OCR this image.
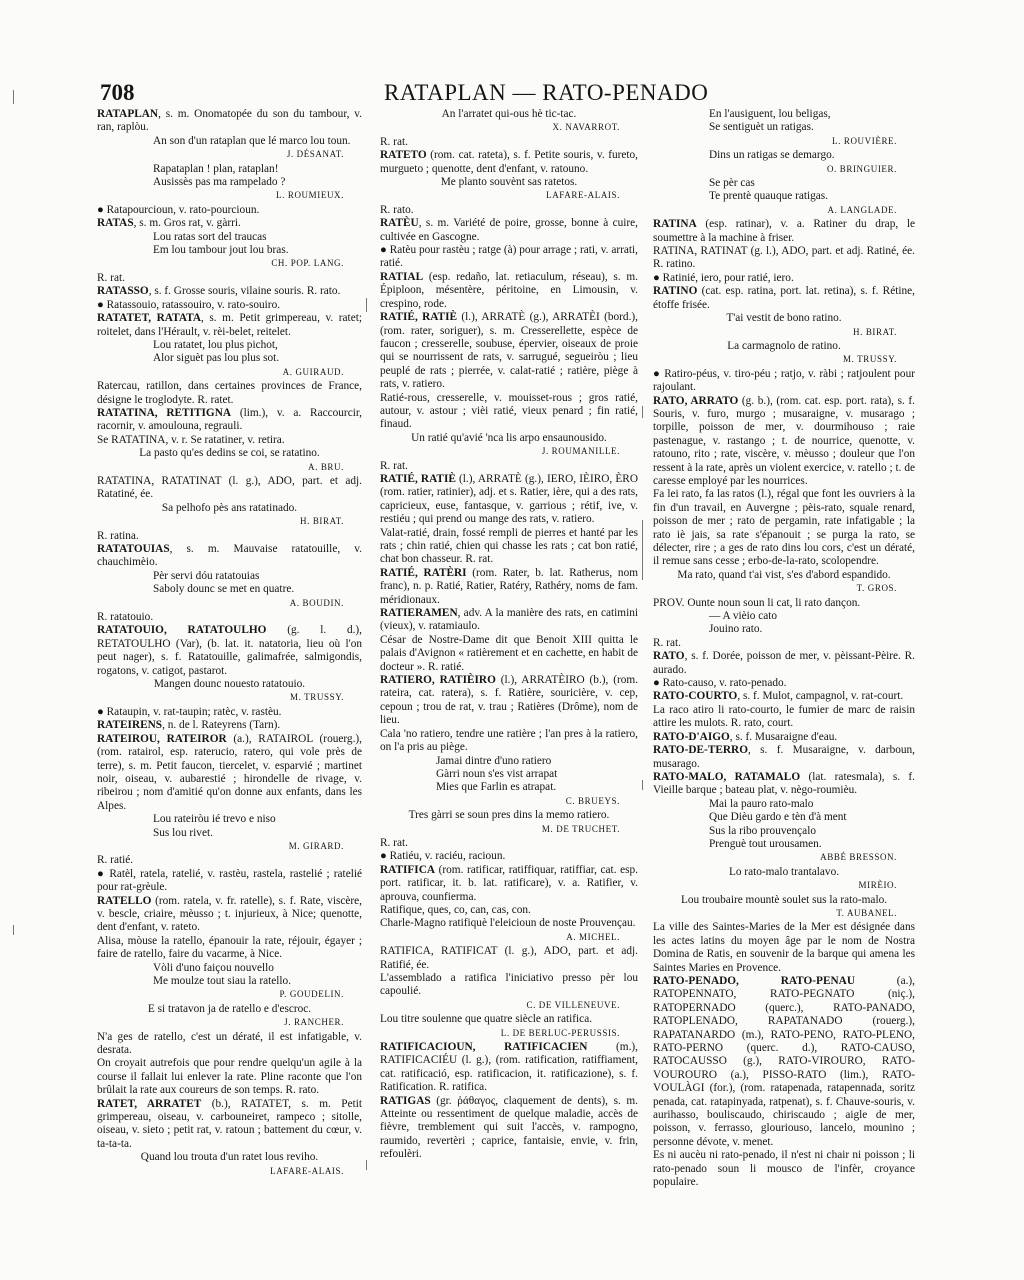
708	RATAPLAN — RATO-PENADO

RATAPLAN, s. m. Onomatopée du son du tambour, v. ran, raplòu.

An son d'un rataplan que lé marco lou toun.

J. DÉSANAT.

Rapataplan ! plan, rataplan!

Ausissès pas ma rampelado ?

L. ROUMIEUX.

● Ratapourcioun, v. rato-pourcioun.

RATAS, s. m. Gros rat, v. gàrri.

Lou ratas sort del traucas

Em lou tambour jout lou bras.

CH. POP. LANG.

R. rat.

RATASSO, s. f. Grosse souris, vilaine souris. R. rato.

● Ratassouio, ratassouiro, v. rato-souiro.

RATATET, RATATA, s. m. Petit grimpereau, v. ratet; roitelet, dans l'Hérault, v. rèi-belet, reitelet.

Lou ratatet, lou plus pichot,

Alor siguèt pas lou plus sot.

A. GUIRAUD.

Ratercau, ratillon, dans certaines provinces de France, désigne le troglodyte. R. ratet.

RATATINA, RETITIGNA (lim.), v. a. Raccourcir, racornir, v. amoulouna, regrauli.

Se RATATINA, v. r. Se ratatiner, v. retira.

La pasto qu'es dedins se coi, se ratatino.

A. BRU.

RATATINA, RATATINAT (l. g.), ADO, part. et adj. Ratatiné, ée.

Sa pelhofo pès ans ratatinado.

H. BIRAT.

R. ratina.

RATATOUIAS, s. m. Mauvaise ratatouille, v. chauchimèio.

Pèr servi dóu ratatouias

Saboly dounc se met en quatre.

A. BOUDIN.

R. ratatouio.

RATATOUIO, RATATOULHO (g. l. d.), RETATOULHO (Var), (b. lat. it. natatoria, lieu où l'on peut nager), s. f. Ratatouille, galimafrée, salmigondis, rogatons, v. catigot, pastarot.

Mangen dounc nouesto ratatouio.

M. TRUSSY.

● Rataupin, v. rat-taupin; ratèc, v. rastèu.

RATEIRENS, n. de l. Rateyrens (Tarn).

RATEIROU, RATEIROR (a.), RATAIROL (rouerg.), (rom. ratairol, esp. raterucio, ratero, qui vole près de terre), s. m. Petit faucon, tiercelet, v. esparvié ; martinet noir, oiseau, v. aubarestié ; hirondelle de rivage, v. ribeirou ; nom d'amitié qu'on donne aux enfants, dans les Alpes.

Lou rateiròu ié trevo e niso

Sus lou rivet.

M. GIRARD.

R. ratié.

● Ratèl, ratela, ratelié, v. rastèu, rastela, rastelié ; ratelié pour rat-grèule.

RATELLO (rom. ratela, v. fr. ratelle), s. f. Rate, viscère, v. bescle, criaire, mèusso ; t. injurieux, à Nice; quenotte, dent d'enfant, v. rateto.

Alisa, mòuse la ratello, épanouir la rate, réjouir, égayer ; faire de ratello, faire du vacarme, à Nice.

Vòli d'uno faiçou nouvello

Me moulze tout siau la ratello.

P. GOUDELIN.

E si tratavon ja de ratello e d'escroc.

J. RANCHER.

N'a ges de ratello, c'est un dératé, il est infatigable, v. desrata.

On croyait autrefois que pour rendre quelqu'un agile à la course il fallait lui enlever la rate. Pline raconte que l'on brûlait la rate aux coureurs de son temps. R. rato.

RATET, ARRATET (b.), RATATET, s. m. Petit grimpereau, oiseau, v. carbouneiret, rampeco ; sitolle, oiseau, v. sieto ; petit rat, v. ratoun ; battement du cœur, v. ta-ta-ta.

Quand lou trouta d'un ratet lous reviho.

LAFARE-ALAIS.

An l'arratet qui-ous hè tic-tac.

X. NAVARROT.

R. rat.

RATETO (rom. cat. rateta), s. f. Petite souris, v. fureto, murgueto ; quenotte, dent d'enfant, v. ratouno.

Me planto souvènt sas ratetos.

LAFARE-ALAIS.

R. rato.

RATÈU, s. m. Variété de poire, grosse, bonne à cuire, cultivée en Gascogne.

● Ratèu pour rastèu ; ratge (à) pour arrage ; rati, v. arrati, ratié.

RATIAL (esp. redaño, lat. retiaculum, réseau), s. m. Épiploon, mésentère, péritoine, en Limousin, v. crespino, rode.

RATIÉ, RATIÈ (l.), ARRATÈ (g.), ARRATÈI (bord.), (rom. rater, soriguer), s. m. Cresserellette, espèce de faucon ; cresserelle, soubuse, épervier, oiseaux de proie qui se nourrissent de rats, v. sarrugué, segueiròu ; lieu peuplé de rats ; pierrée, v. calat-ratié ; ratière, piège à rats, v. ratiero.

Ratié-rous, cresserelle, v. mouisset-rous ; gros ratié, autour, v. astour ; vièi ratié, vieux penard ; fin ratié, finaud.

Un ratié qu'avié 'nca lis arpo ensaunousido.

J. ROUMANILLE.

R. rat.

RATIÉ, RATIÈ (l.), ARRATÈ (g.), IERO, IÈIRO, ÈRO (rom. ratier, ratinier), adj. et s. Ratier, ière, qui a des rats, capricieux, euse, fantasque, v. garrious ; rétif, ive, v. restiéu ; qui prend ou mange des rats, v. ratiero.

Valat-ratié, drain, fossé rempli de pierres et hanté par les rats ; chin ratié, chien qui chasse les rats ; cat bon ratié, chat bon chasseur. R. rat.

RATIÉ, RATÈRI (rom. Rater, b. lat. Ratherus, nom franc), n. p. Ratié, Ratier, Ratéry, Rathéry, noms de fam. méridionaux.

RATIERAMEN, adv. A la manière des rats, en catimini (vieux), v. ratamiaulo.

César de Nostre-Dame dit que Benoit XIII quitta le palais d'Avignon « ratièrement et en cachette, en habit de docteur ». R. ratié.

RATIERO, RATIÈIRO (l.), ARRATÈIRO (b.), (rom. rateira, cat. ratera), s. f. Ratière, souricière, v. cep, cepoun ; trou de rat, v. trau ; Ratières (Drôme), nom de lieu.

Cala 'no ratiero, tendre une ratière ; l'an pres à la ratiero, on l'a pris au piège.

Jamai dintre d'uno ratiero

Gàrri noun s'es vist arrapat

Mies que Farlin es atrapat.

C. BRUEYS.

Tres gàrri se soun pres dins la memo ratiero.

M. DE TRUCHET.

R. rat.

● Ratiéu, v. raciéu, racioun.

RATIFICA (rom. ratificar, ratiffiquar, ratiffiar, cat. esp. port. ratificar, it. b. lat. ratificare), v. a. Ratifier, v. aprouva, counfierma.

Ratifique, ques, co, can, cas, con.

Charle-Magno ratifiquè l'eleicioun de noste Prouvençau.

A. MICHEL.

RATIFICA, RATIFICAT (l. g.), ADO, part. et adj. Ratifié, ée.

L'assemblado a ratifica l'iniciativo presso pèr lou capoulié.

C. DE VILLENEUVE.

Lou titre soulenne que quatre siècle an ratifica.

L. DE BERLUC-PERUSSIS.

RATIFICACIOUN, RATIFICACIEN (m.), RATIFICACIÉU (l. g.), (rom. ratification, ratiffiament, cat. ratificació, esp. ratificacion, it. ratificazione), s. f. Ratification. R. ratifica.

RATIGAS (gr. ῥάθαγος, claquement de dents), s. m. Atteinte ou ressentiment de quelque maladie, accès de fièvre, tremblement qui suit l'accès, v. rampogno, raumido, revertèri ; caprice, fantaisie, envie, v. frin, refoulèri.

En l'ausiguent, lou beligas,

Se sentiguèt un ratigas.

L. ROUVIÈRE.

Dins un ratigas se demargo.

O. BRINGUIER.

Se pèr cas

Te prentè quauque ratigas.

A. LANGLADE.

RATINA (esp. ratinar), v. a. Ratiner du drap, le soumettre à la machine à friser.

RATINA, RATINAT (g. l.), ADO, part. et adj. Ratiné, ée. R. ratino.

● Ratinié, iero, pour ratié, iero.

RATINO (cat. esp. ratina, port. lat. retina), s. f. Rétine, étoffe frisée.

T'ai vestit de bono ratino.

H. BIRAT.

La carmagnolo de ratino.

M. TRUSSY.

● Ratiro-péus, v. tiro-péu ; ratjo, v. ràbi ; ratjoulent pour rajoulant.

RATO, ARRATO (g. b.), (rom. cat. esp. port. rata), s. f. Souris, v. furo, murgo ; musaraigne, v. musarago ; torpille, poisson de mer, v. dourmihouso ; raie pastenague, v. rastango ; t. de nourrice, quenotte, v. ratouno, rito ; rate, viscère, v. mèusso ; douleur que l'on ressent à la rate, après un violent exercice, v. ratello ; t. de caresse employé par les nourrices.

Fa lei rato, fa las ratos (l.), régal que font les ouvriers à la fin d'un travail, en Auvergne ; pèis-rato, squale renard, poisson de mer ; rato de pergamin, rate infatigable ; la rato iè jais, sa rate s'épanouit ; se purga la rato, se délecter, rire ; a ges de rato dins lou cors, c'est un dératé, il remue sans cesse ; erbo-de-la-rato, scolopendre.

Ma rato, quand t'ai vist, s'es d'abord espandido.

T. GROS.

PROV. Ounte noun soun li cat, li rato dançon.

— A vièio cato

Jouino rato.

R. rat.

RATO, s. f. Dorée, poisson de mer, v. pèissant-Pèire. R. aurado.

● Rato-causo, v. rato-penado.

RATO-COURTO, s. f. Mulot, campagnol, v. rat-court.

La raco atiro li rato-courto, le fumier de marc de raisin attire les mulots. R. rato, court.

RATO-D'AIGO, s. f. Musaraigne d'eau.

RATO-DE-TERRO, s. f. Musaraigne, v. darboun, musarago.

RATO-MALO, RATAMALO (lat. ratesmala), s. f. Vieille barque ; bateau plat, v. nègo-roumièu.

Mai la pauro rato-malo

Que Dièu gardo e tèn d'à ment

Sus la ribo prouvençalo

Prenguè tout urousamen.

ABBÉ BRESSON.

Lo rato-malo trantalavo.

MIRÈIO.

Lou troubaire mountè soulet sus la rato-malo.

T. AUBANEL.

La ville des Saintes-Maries de la Mer est désignée dans les actes latins du moyen âge par le nom de Nostra Domina de Ratis, en souvenir de la barque qui amena les Saintes Maries en Provence.

RATO-PENADO, RATO-PENAU (a.), RATOPENNATO, RATO-PEGNATO (niç.), RATOPERNADO (querc.), RATO-PANADO, RATOPLENADO, RAPATANADO (rouerg.), RAPATANARDO (m.), RATO-PENO, RATO-PLENO, RATO-PERNO (querc. d.), RATO-CAUSO, RATOCAUSSO (g.), RATO-VIROURO, RATO-VOUROURO (a.), PISSO-RATO (lim.), RATO-VOULÀGI (for.), (rom. ratapenada, ratapennada, soritz penada, cat. ratapinyada, ratpenat), s. f. Chauve-souris, v. aurihasso, bouliscaudo, chiriscaudo ; aigle de mer, poisson, v. ferrasso, glouriouso, lancelo, mounino ; personne dévote, v. menet.

Es ni aucèu ni rato-penado, il n'est ni chair ni poisson ; li rato-penado soun li mousco de l'infèr, croyance populaire.
